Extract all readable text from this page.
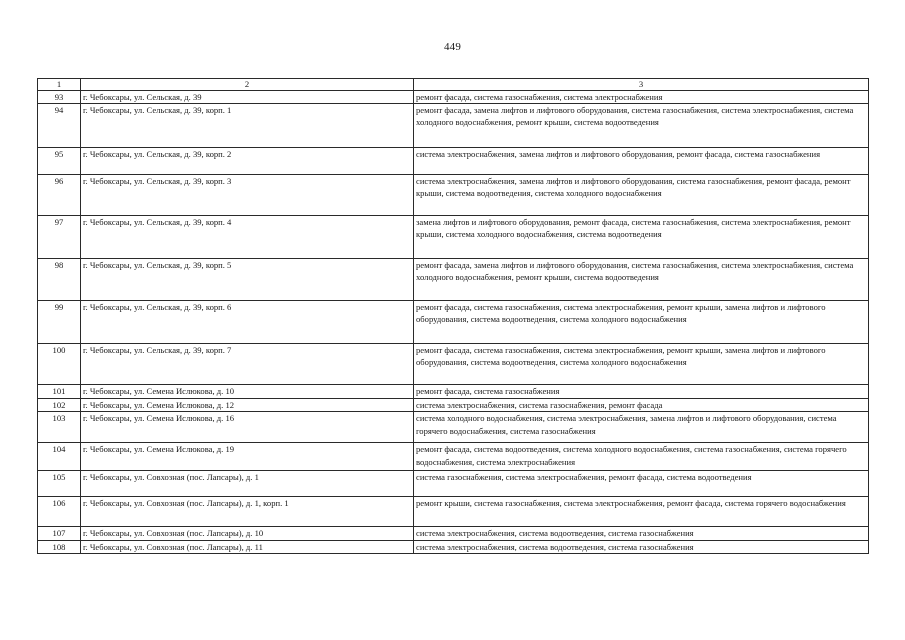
449
1	2	3
93	г. Чебоксары, ул. Сельская, д. 39	ремонт фасада, система газоснабжения, система электроснабжения
94	г. Чебоксары, ул. Сельская, д. 39, корп. 1	ремонт фасада, замена лифтов и лифтового оборудования, система газоснабжения, система электроснабжения, система холодного водоснабжения, ремонт крыши, система водоотведения
95	г. Чебоксары, ул. Сельская, д. 39, корп. 2	система электроснабжения, замена лифтов и лифтового оборудования, ремонт фасада, система газоснабжения
96	г. Чебоксары, ул. Сельская, д. 39, корп. 3	система электроснабжения, замена лифтов и лифтового оборудования, система газоснабжения, ремонт фасада, ремонт крыши, система водоотведения, система холодного водоснабжения
97	г. Чебоксары, ул. Сельская, д. 39, корп. 4	замена лифтов и лифтового оборудования, ремонт фасада, система газоснабжения, система электроснабжения, ремонт крыши, система холодного водоснабжения, система водоотведения
98	г. Чебоксары, ул. Сельская, д. 39, корп. 5	ремонт фасада, замена лифтов и лифтового оборудования, система газоснабжения, система электроснабжения, система холодного водоснабжения, ремонт крыши, система водоотведения
99	г. Чебоксары, ул. Сельская, д. 39, корп. 6	ремонт фасада, система газоснабжения, система электроснабжения, ремонт крыши, замена лифтов и лифтового оборудования, система водоотведения, система холодного водоснабжения
100	г. Чебоксары, ул. Сельская, д. 39, корп. 7	ремонт фасада, система газоснабжения, система электроснабжения, ремонт крыши, замена лифтов и лифтового оборудования, система водоотведения, система холодного водоснабжения
101	г. Чебоксары, ул. Семена Ислюкова, д. 10	ремонт фасада, система газоснабжения
102	г. Чебоксары, ул. Семена Ислюкова, д. 12	система электроснабжения, система газоснабжения, ремонт фасада
103	г. Чебоксары, ул. Семена Ислюкова, д. 16	система холодного водоснабжения, система электроснабжения, замена лифтов и лифтового оборудования, система горячего водоснабжения, система газоснабжения
104	г. Чебоксары, ул. Семена Ислюкова, д. 19	ремонт фасада, система водоотведения, система холодного водоснабжения, система газоснабжения, система горячего водоснабжения, система электроснабжения
105	г. Чебоксары, ул. Совхозная (пос. Лапсары), д. 1	система газоснабжения, система электроснабжения, ремонт фасада, система водоотведения
106	г. Чебоксары, ул. Совхозная (пос. Лапсары), д. 1, корп. 1	ремонт крыши, система газоснабжения, система электроснабжения, ремонт фасада, система горячего водоснабжения
107	г. Чебоксары, ул. Совхозная (пос. Лапсары), д. 10	система электроснабжения, система водоотведения, система газоснабжения
108	г. Чебоксары, ул. Совхозная (пос. Лапсары), д. 11	система электроснабжения, система водоотведения, система газоснабжения
